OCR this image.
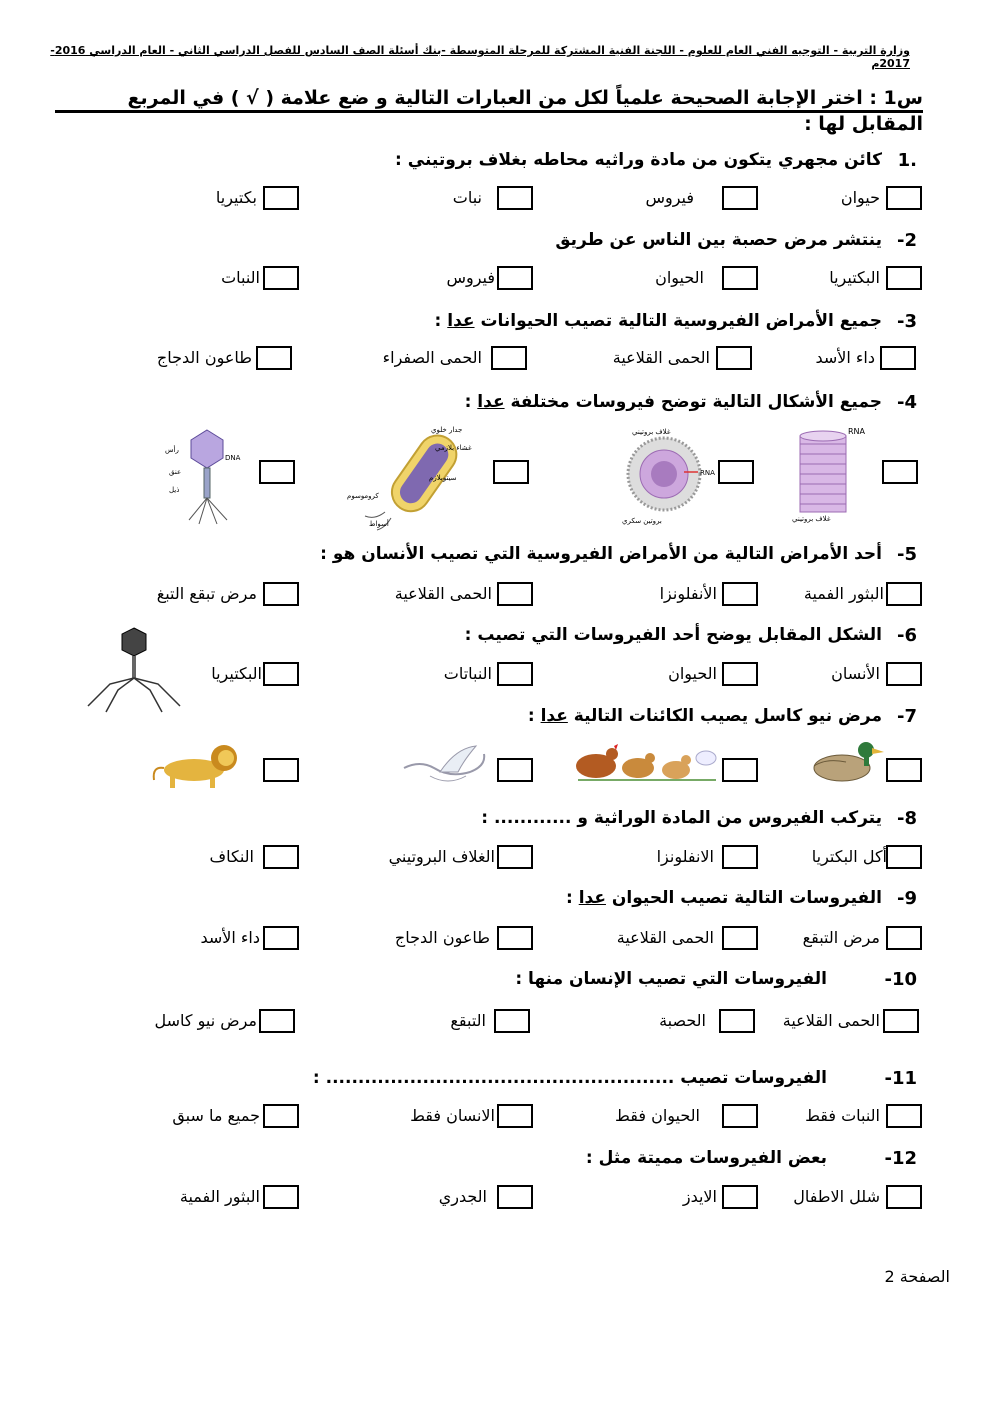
وزارة التربية - التوجيه الفني العام للعلوم - اللجنة الفنية المشتركة للمرحلة المتوسطة -بنك أسئلة الصف السادس للفصل الدراسي الثاني - العام الدراسي 2016-2017م
س1 : اختر الإجابة الصحيحة علمياً لكل من العبارات التالية و ضع علامة ( √ ) في المربع المقابل لها :
1.
كائن مجهري يتكون من مادة وراثيه محاطه بغلاف بروتيني :
حيوان
فيروس
نبات
بكتيريا
-2
ينتشر مرض حصبة بين الناس عن طريق
البكتيريا
الحيوان
فيروس
النبات
-3
جميع الأمراض الفيروسية التالية تصيب الحيوانات عدا :
داء الأسد
الحمى القلاعية
الحمى الصفراء
طاعون الدجاج
-4
جميع الأشكال التالية توضح فيروسات مختلفة عدا :
RNA
غلاف بروتيني
غلاف بروتيني
RNA
بروتين سكري
جدار خلوي
غشاء بلازمي
سيتوبلازم
كروموسوم
أسواط
رأس
DNA
عنق
ذيل
-5
أحد الأمراض التالية من الأمراض الفيروسية التي تصيب الأنسان هو :
البثور الفمية
الأنفلونزا
الحمى القلاعية
مرض تبقع التبغ
-6
الشكل المقابل يوضح أحد الفيروسات التي تصيب :
الأنسان
الحيوان
النباتات
البكتيريا
-7
مرض نيو كاسل يصيب الكائنات التالية عدا :
-8
يتركب الفيروس من المادة الوراثية و ............ :
أكل البكتريا
الانفلونزا
الغلاف البروتيني
النكاف
-9
الفيروسات التالية تصيب الحيوان عدا :
مرض التبقع
الحمى القلاعية
طاعون الدجاج
داء الأسد
-10
الفيروسات التي تصيب الإنسان منها :
الحمى القلاعية
الحصبة
التبقع
مرض نيو كاسل
-11
الفيروسات تصيب ...................................................... :
النبات فقط
الحيوان فقط
الانسان فقط
جميع ما سبق
-12
بعض الفيروسات مميتة مثل :
شلل الاطفال
الايدز
الجدري
البثور الفمية
الصفحة 2
